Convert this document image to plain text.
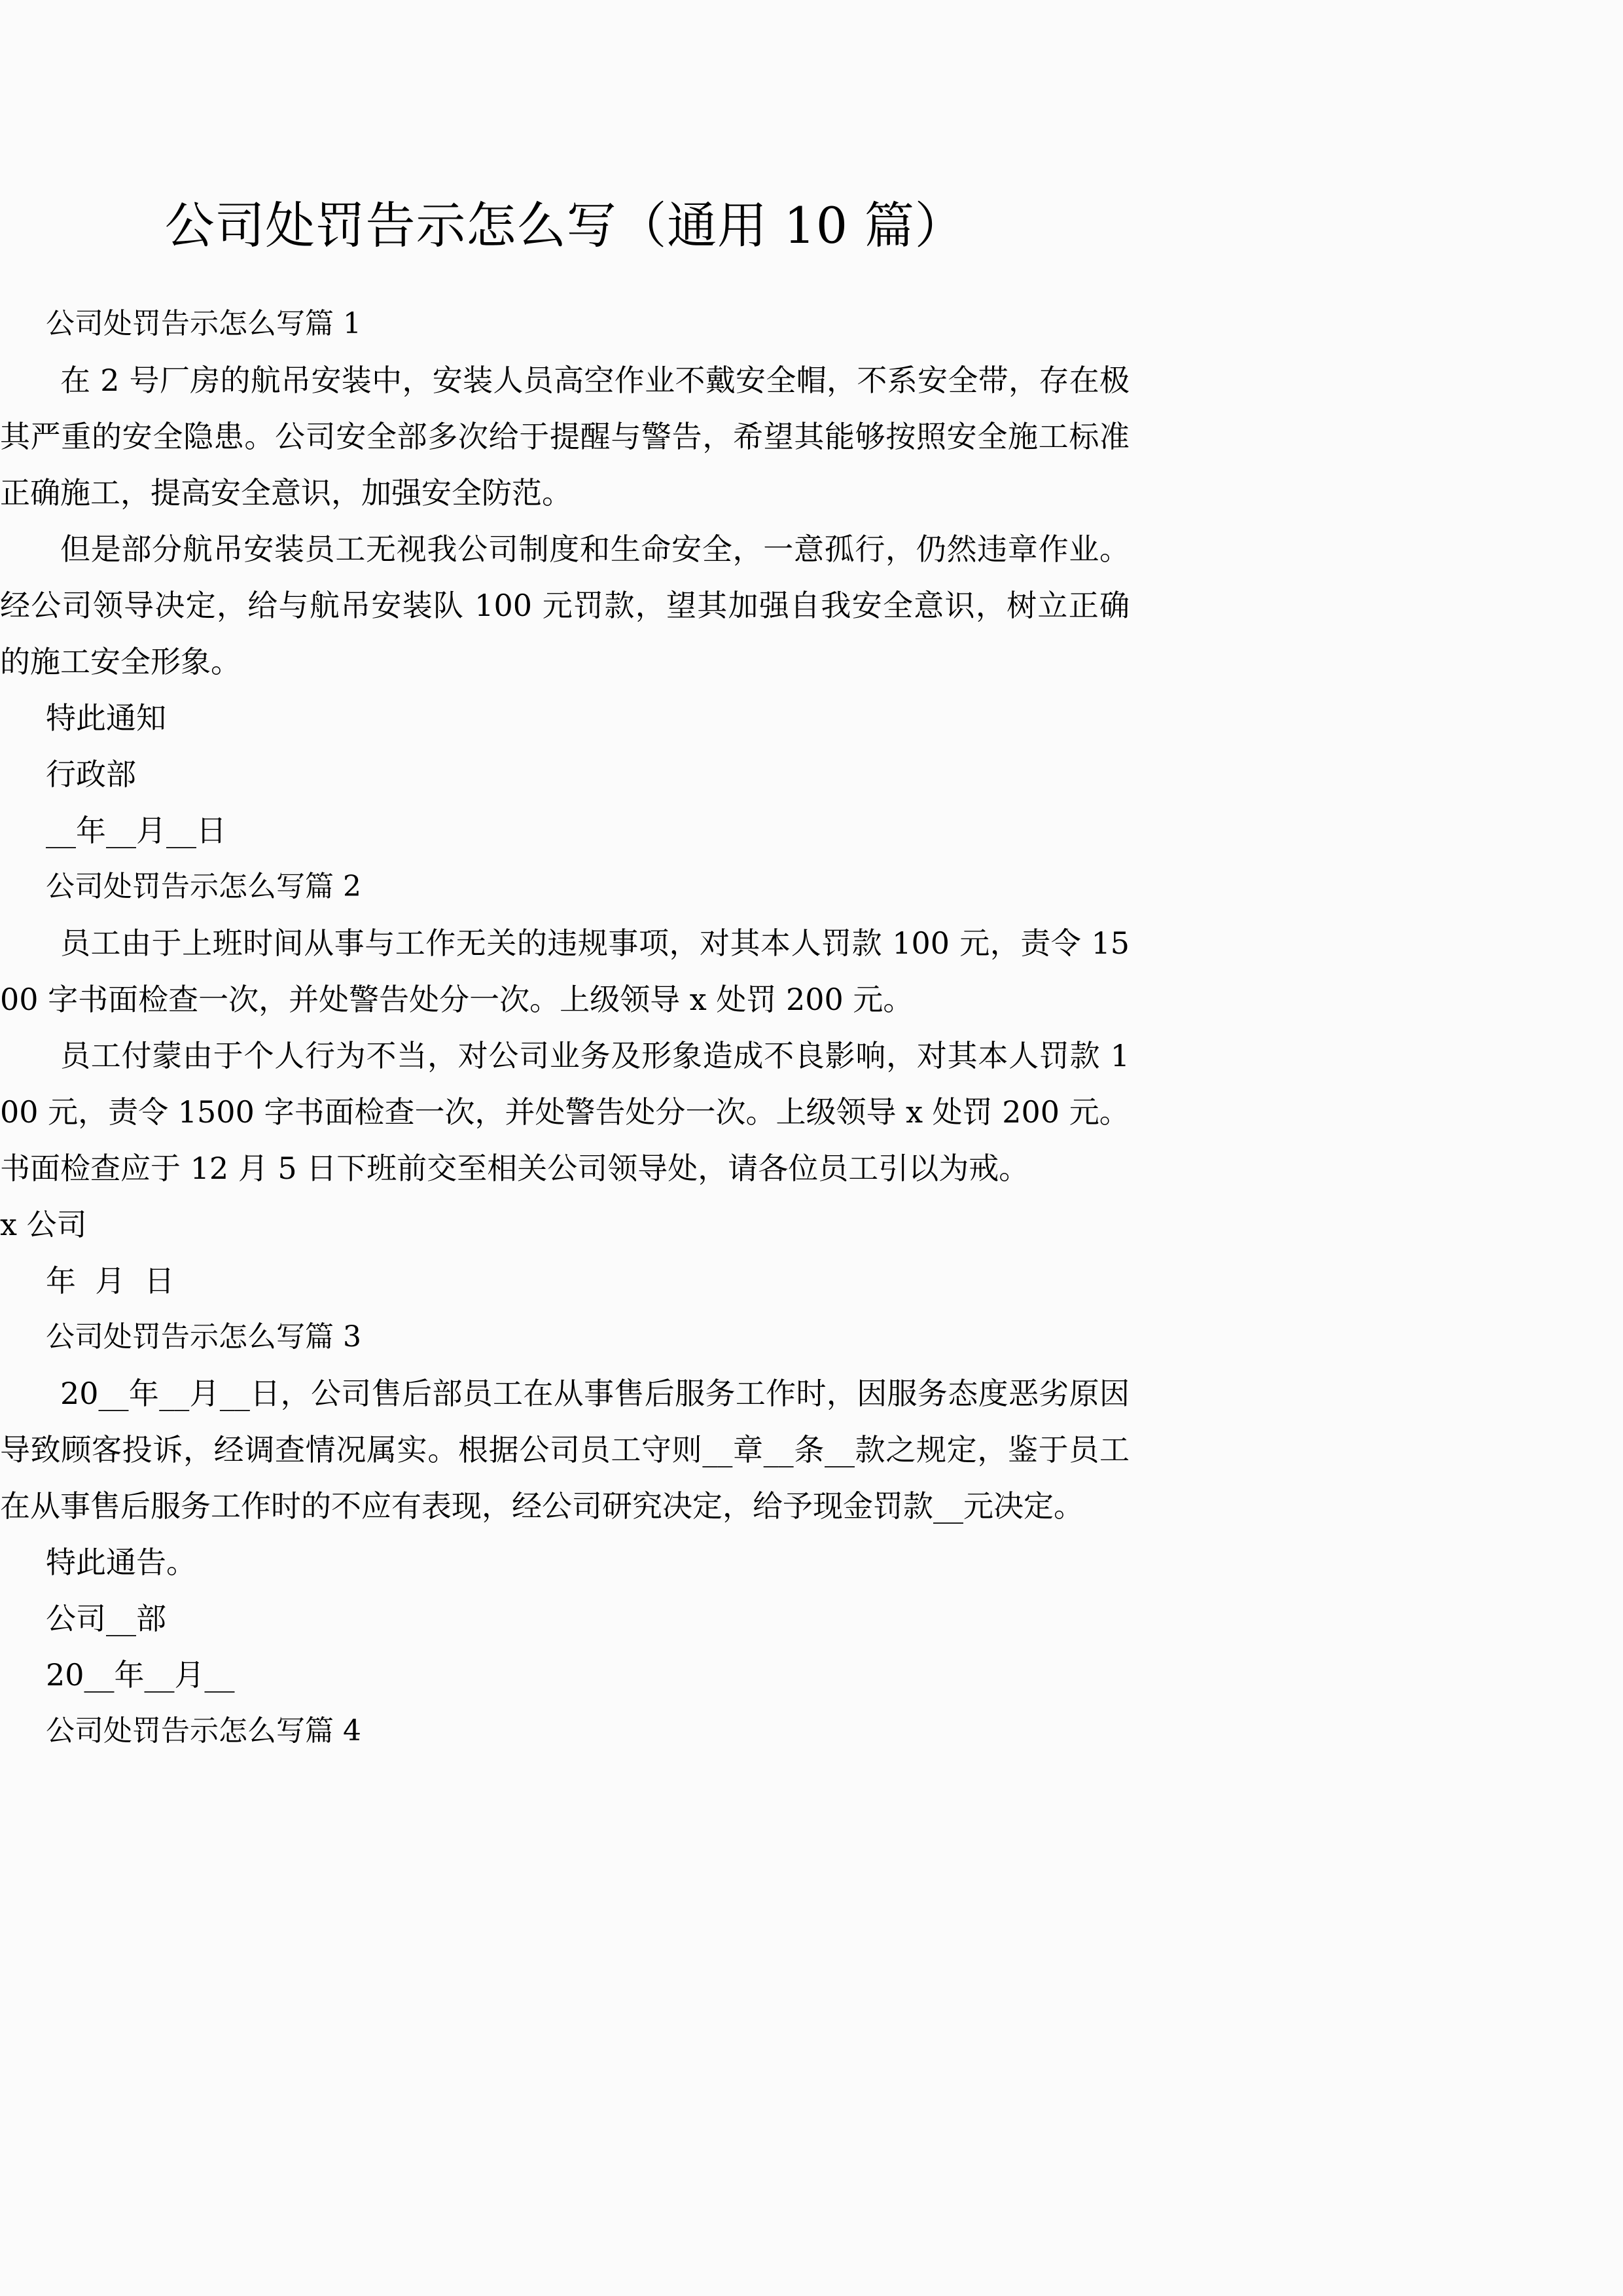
公司处罚告示怎么写（通用 10 篇）
公司处罚告示怎么写篇 1

在 2 号厂房的航吊安装中，安装人员高空作业不戴安全帽，不系安全带，存在极其严重的安全隐患。公司安全部多次给于提醒与警告，希望其能够按照安全施工标准正确施工，提高安全意识，加强安全防范。

但是部分航吊安装员工无视我公司制度和生命安全，一意孤行，仍然违章作业。经公司领导决定，给与航吊安装队 100 元罚款，望其加强自我安全意识，树立正确的施工安全形象。

特此通知

行政部

__年__月__日

公司处罚告示怎么写篇 2

员工由于上班时间从事与工作无关的违规事项，对其本人罚款 100 元，责令 1500 字书面检查一次，并处警告处分一次。上级领导 x 处罚 200 元。

员工付蒙由于个人行为不当，对公司业务及形象造成不良影响，对其本人罚款 100 元，责令 1500 字书面检查一次，并处警告处分一次。上级领导 x 处罚 200 元。

书面检查应于 12 月 5 日下班前交至相关公司领导处，请各位员工引以为戒。

x 公司

年  月  日

公司处罚告示怎么写篇 3

20__年__月__日，公司售后部员工在从事售后服务工作时，因服务态度恶劣原因导致顾客投诉，经调查情况属实。根据公司员工守则__章__条__款之规定，鉴于员工在从事售后服务工作时的不应有表现，经公司研究决定，给予现金罚款__元决定。

特此通告。

公司__部

20__年__月__

公司处罚告示怎么写篇 4
